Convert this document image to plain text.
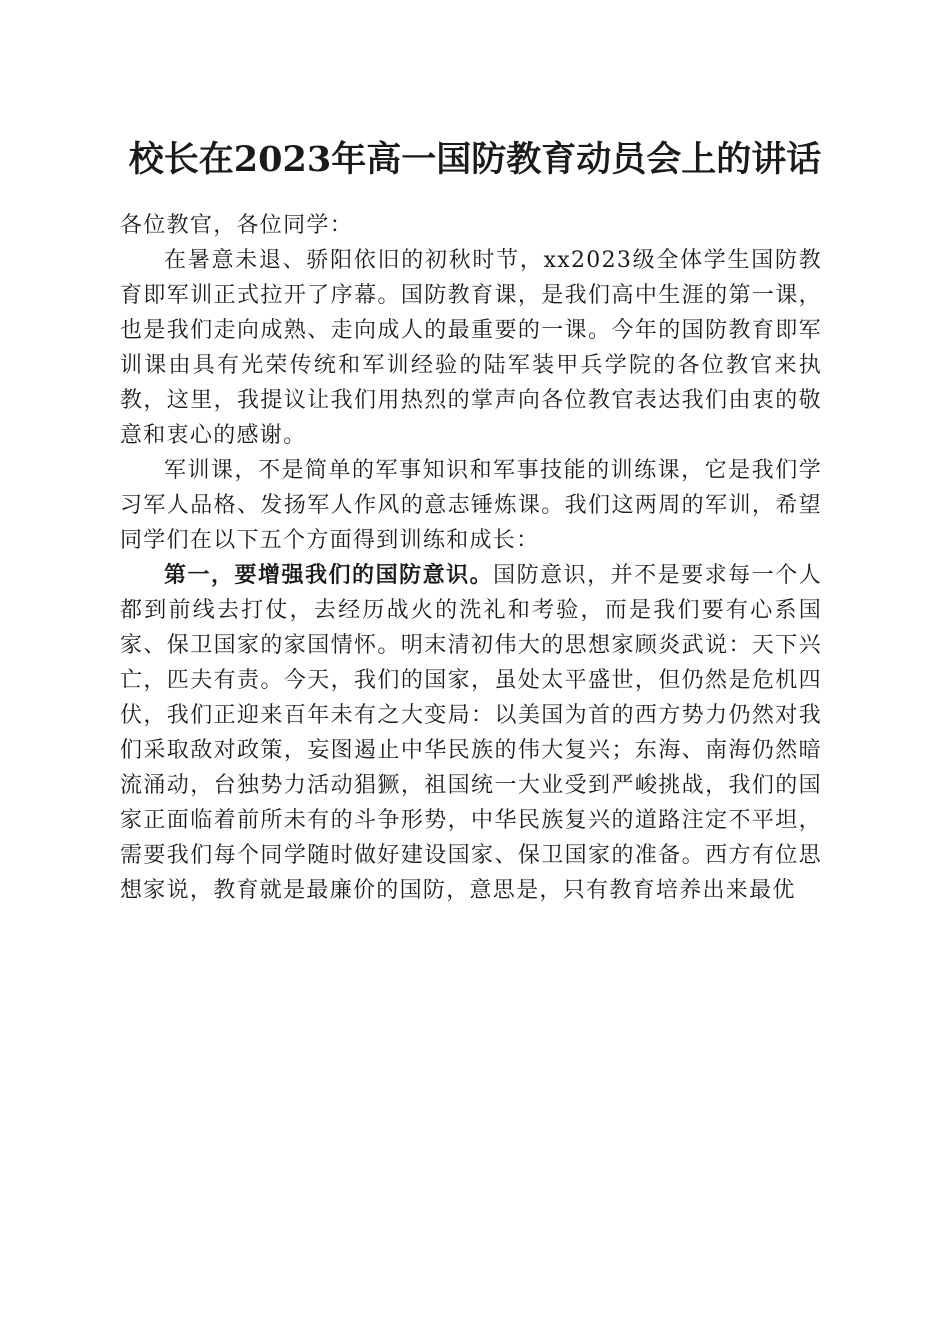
校长在2023年高一国防教育动员会上的讲话

各位教官，各位同学：

在暑意未退、骄阳依旧的初秋时节，xx2023级全体学生国防教育即军训正式拉开了序幕。国防教育课，是我们高中生涯的第一课，也是我们走向成熟、走向成人的最重要的一课。今年的国防教育即军训课由具有光荣传统和军训经验的陆军装甲兵学院的各位教官来执教，这里，我提议让我们用热烈的掌声向各位教官表达我们由衷的敬意和衷心的感谢。

军训课，不是简单的军事知识和军事技能的训练课，它是我们学习军人品格、发扬军人作风的意志锤炼课。我们这两周的军训，希望同学们在以下五个方面得到训练和成长：

第一，要增强我们的国防意识。国防意识，并不是要求每一个人都到前线去打仗，去经历战火的洗礼和考验，而是我们要有心系国家、保卫国家的家国情怀。明末清初伟大的思想家顾炎武说：天下兴亡，匹夫有责。今天，我们的国家，虽处太平盛世，但仍然是危机四伏，我们正迎来百年未有之大变局：以美国为首的西方势力仍然对我们采取敌对政策，妄图遏止中华民族的伟大复兴；东海、南海仍然暗流涌动，台独势力活动猖獗，祖国统一大业受到严峻挑战，我们的国家正面临着前所未有的斗争形势，中华民族复兴的道路注定不平坦，需要我们每个同学随时做好建设国家、保卫国家的准备。西方有位思想家说，教育就是最廉价的国防，意思是，只有教育培养出来最优
